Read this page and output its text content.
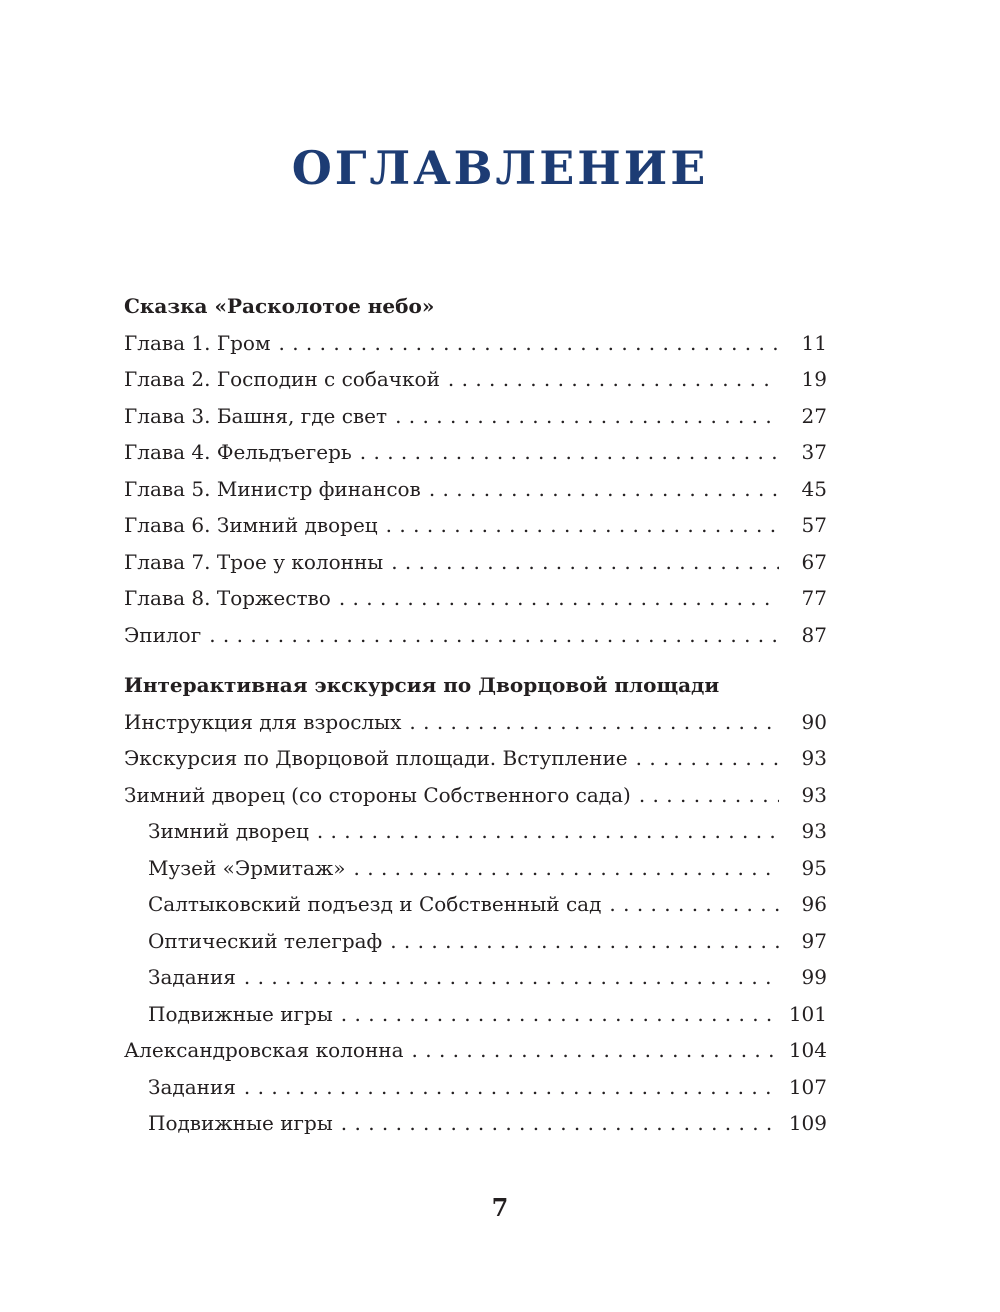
ОГЛАВЛЕНИЕ
Сказка «Расколотое небо»
Глава 1. Гром . . .	11
Глава 2. Господин с собачкой . . .	19
Глава 3. Башня, где свет . . .	27
Глава 4. Фельдъегерь . . .	37
Глава 5. Министр финансов . . .	45
Глава 6. Зимний дворец . . .	57
Глава 7. Трое у колонны . . .	67
Глава 8. Торжество . . .	77
Эпилог . . .	87
Интерактивная экскурсия по Дворцовой площади
Инструкция для взрослых . . .	90
Экскурсия по Дворцовой площади. Вступление . . .	93
Зимний дворец (со стороны Собственного сада) . . .	93
Зимний дворец . . .	93
Музей «Эрмитаж» . . .	95
Салтыковский подъезд и Собственный сад . . .	96
Оптический телеграф . . .	97
Задания . . .	99
Подвижные игры . . .	101
Александровская колонна . . .	104
Задания . . .	107
Подвижные игры . . .	109
7
